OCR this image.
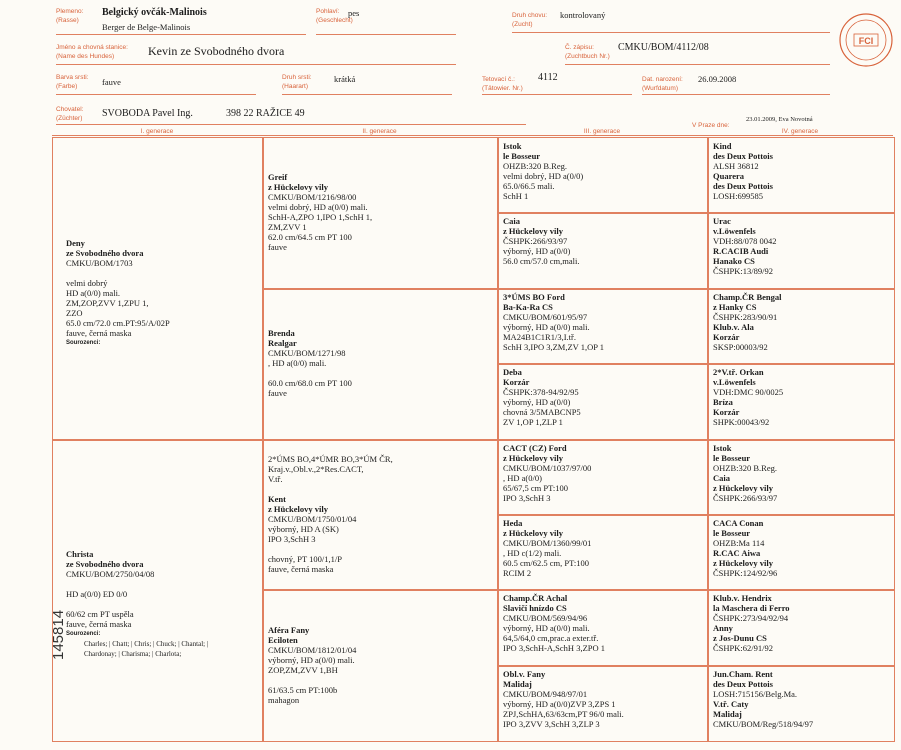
Plemeno:
(Rasse)
Belgický ovčák-Malinois
Berger de Belge-Malinois
Pohlaví:
(Geschlecht)
pes	Druh chovu:
(Zucht)
kontrolovaný
Jméno a chovná stanice:
(Name des Hundes)	Kevin ze Svobodného dvora	Č. zápisu:
(Zuchtbuch Nr.)
CMKU/BOM/4112/08
Barva srsti:
(Farbe)	fauve	Druh srsti:
(Haarart)
krátká	Tetovací č.:
(Tätowier. Nr.)
4112	Dat. narození:
(Wurfdatum)
26.09.2008
Chovatel:
(Züchter) SVOBODA Pavel Ing.	398 22 RAŽICE 49
V Praze dne:
23.01.2009, Eva Novotná
FCI
I. generace	II. generace	III. generace	IV. generace
Deny
ze Svobodného dvora
CMKU/BOM/1703
velmi dobrý
HD a(0/0) mali.
ZM,ZOP,ZVV 1,ZPU 1,
ZZO
65.0 cm/72.0 cm.PT:95/A/02P
fauve, černá maska
Sourozenci:
Christa
ze Svobodného dvora
CMKU/BOM/2750/04/08
HD a(0/0) ED 0/0
60/62 cm PT uspěla
fauve, černá maska
Sourozenci:
Charles; | Chatt; | Chris; | Chuck; | Chantal; |
Chardonay; | Charisma; | Charlota;
Greif
z Hückelovy vily
CMKU/BOM/1216/98/00
velmi dobrý, HD a(0/0) mali.
SchH-A,ZPO 1,IPO 1,SchH 1,
ZM,ZVV 1
62.0 cm/64.5 cm PT 100
fauve
Brenda
Realgar
CMKU/BOM/1271/98
, HD a(0/0) mali.
60.0 cm/68.0 cm PT 100
fauve
2*ÚMS BO,4*ÚMR BO,3*ÚM ČR,
Kraj.v.,Obl.v.,2*Res.CACT,
V.tř.
Kent
z Hückelovy vily
CMKU/BOM/1750/01/04
výborný, HD A (SK)
IPO 3,SchH 3
chovný, PT 100/1,1/P
fauve, černá maska
Aféra Fany
Eciloten
CMKU/BOM/1812/01/04
výborný, HD a(0/0) mali.
ZOP,ZM,ZVV 1,BH
61/63.5 cm PT:100b
mahagon
Istok
le Bosseur
OHZB:320 B.Reg.
velmi dobrý, HD a(0/0)
65.0/66.5 mali.
SchH 1
Caia
z Hückelovy vily
ČSHPK:266/93/97
výborný, HD a(0/0)
56.0 cm/57.0 cm,mali.
3*ÚMS BO Ford
Ba-Ka-Ra CS
CMKU/BOM/601/95/97
výborný, HD a(0/0) mali.
MA24B1C1R1/3,I.tř.
SchH 3,IPO 3,ZM,ZV 1,OP 1
Deba
Korzár
ČSHPK:378-94/92/95
výborný, HD a(0/0)
chovná 3/5MABCNP5
ZV 1,OP 1,ZLP 1
CACT (CZ) Ford
z Hückelovy vily
CMKU/BOM/1037/97/00
, HD a(0/0)
65/67,5 cm PT:100
IPO 3,SchH 3
Heda
z Hückelovy vily
CMKU/BOM/1360/99/01
, HD c(1/2) mali.
60.5 cm/62.5 cm, PT:100
RCIM 2
Champ.ČR Achal
Slavičí hnízdo CS
CMKU/BOM/569/94/96
výborný, HD a(0/0) mali.
64,5/64,0 cm,prac.a exter.tř.
IPO 3,SchH-A,SchH 3,ZPO 1
Obl.v. Fany
Malidaj
CMKU/BOM/948/97/01
výborný, HD a(0/0)ZVP 3,ZPS 1
ZPJ,SchHA,63/63cm,PT 96/0 mali.
IPO 3,ZVV 3,SchH 3,ZLP 3
Kind
des Deux Pottois
ALSH 36812
Quarera
des Deux Pottois
LOSH:699585
Urac
v.Löwenfels
VDH:88/078 0042
R.CACIB Audi
Hanako CS
ČSHPK:13/89/92
Champ.ČR Bengal
z Hanky CS
ČSHPK:283/90/91
Klub.v. Ala
Korzár
SKSP:00003/92
2*V.tř. Orkan
v.Löwenfels
VDH:DMC 90/0025
Bríza
Korzár
SHPK:00043/92
Istok
le Bosseur
OHZB:320 B.Reg.
Caia
z Hückelovy vily
ČSHPK:266/93/97
CACA Conan
le Bosseur
OHZB:Ma 114
R.CAC Aiwa
z Hückelovy vily
ČSHPK:124/92/96
Klub.v. Hendrix
la Maschera di Ferro
ČSHPK:273/94/92/94
Anny
z Jos-Dunu CS
ČSHPK:62/91/92
Jun.Cham. Rent
des Deux Pottois
LOSH:715156/Belg.Ma.
V.tř. Caty
Malidaj
CMKU/BOM/Reg/518/94/97
145814
